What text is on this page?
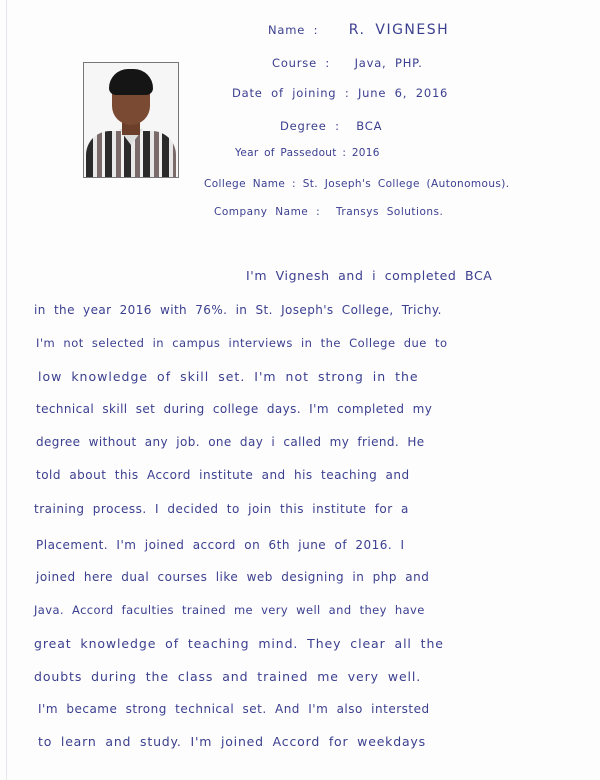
Name : R. VIGNESH
Course : Java, PHP.
Date of joining : June 6, 2016
Degree : BCA
Year of Passedout : 2016
College Name : St. Joseph's College (Autonomous).
Company Name : Transys Solutions.
I'm Vignesh and i completed BCA
in the year 2016 with 76%. in St. Joseph's College, Trichy.
I'm not selected in campus interviews in the College due to
low knowledge of skill set. I'm not strong in the
technical skill set during college days. I'm completed my
degree without any job. one day i called my friend. He
told about this Accord institute and his teaching and
training process. I decided to join this institute for a
Placement. I'm joined accord on 6th june of 2016. I
joined here dual courses like web designing in php and
Java. Accord faculties trained me very well and they have
great knowledge of teaching mind. They clear all the
doubts during the class and trained me very well.
I'm became strong technical set. And I'm also intersted
to learn and study. I'm joined Accord for weekdays
